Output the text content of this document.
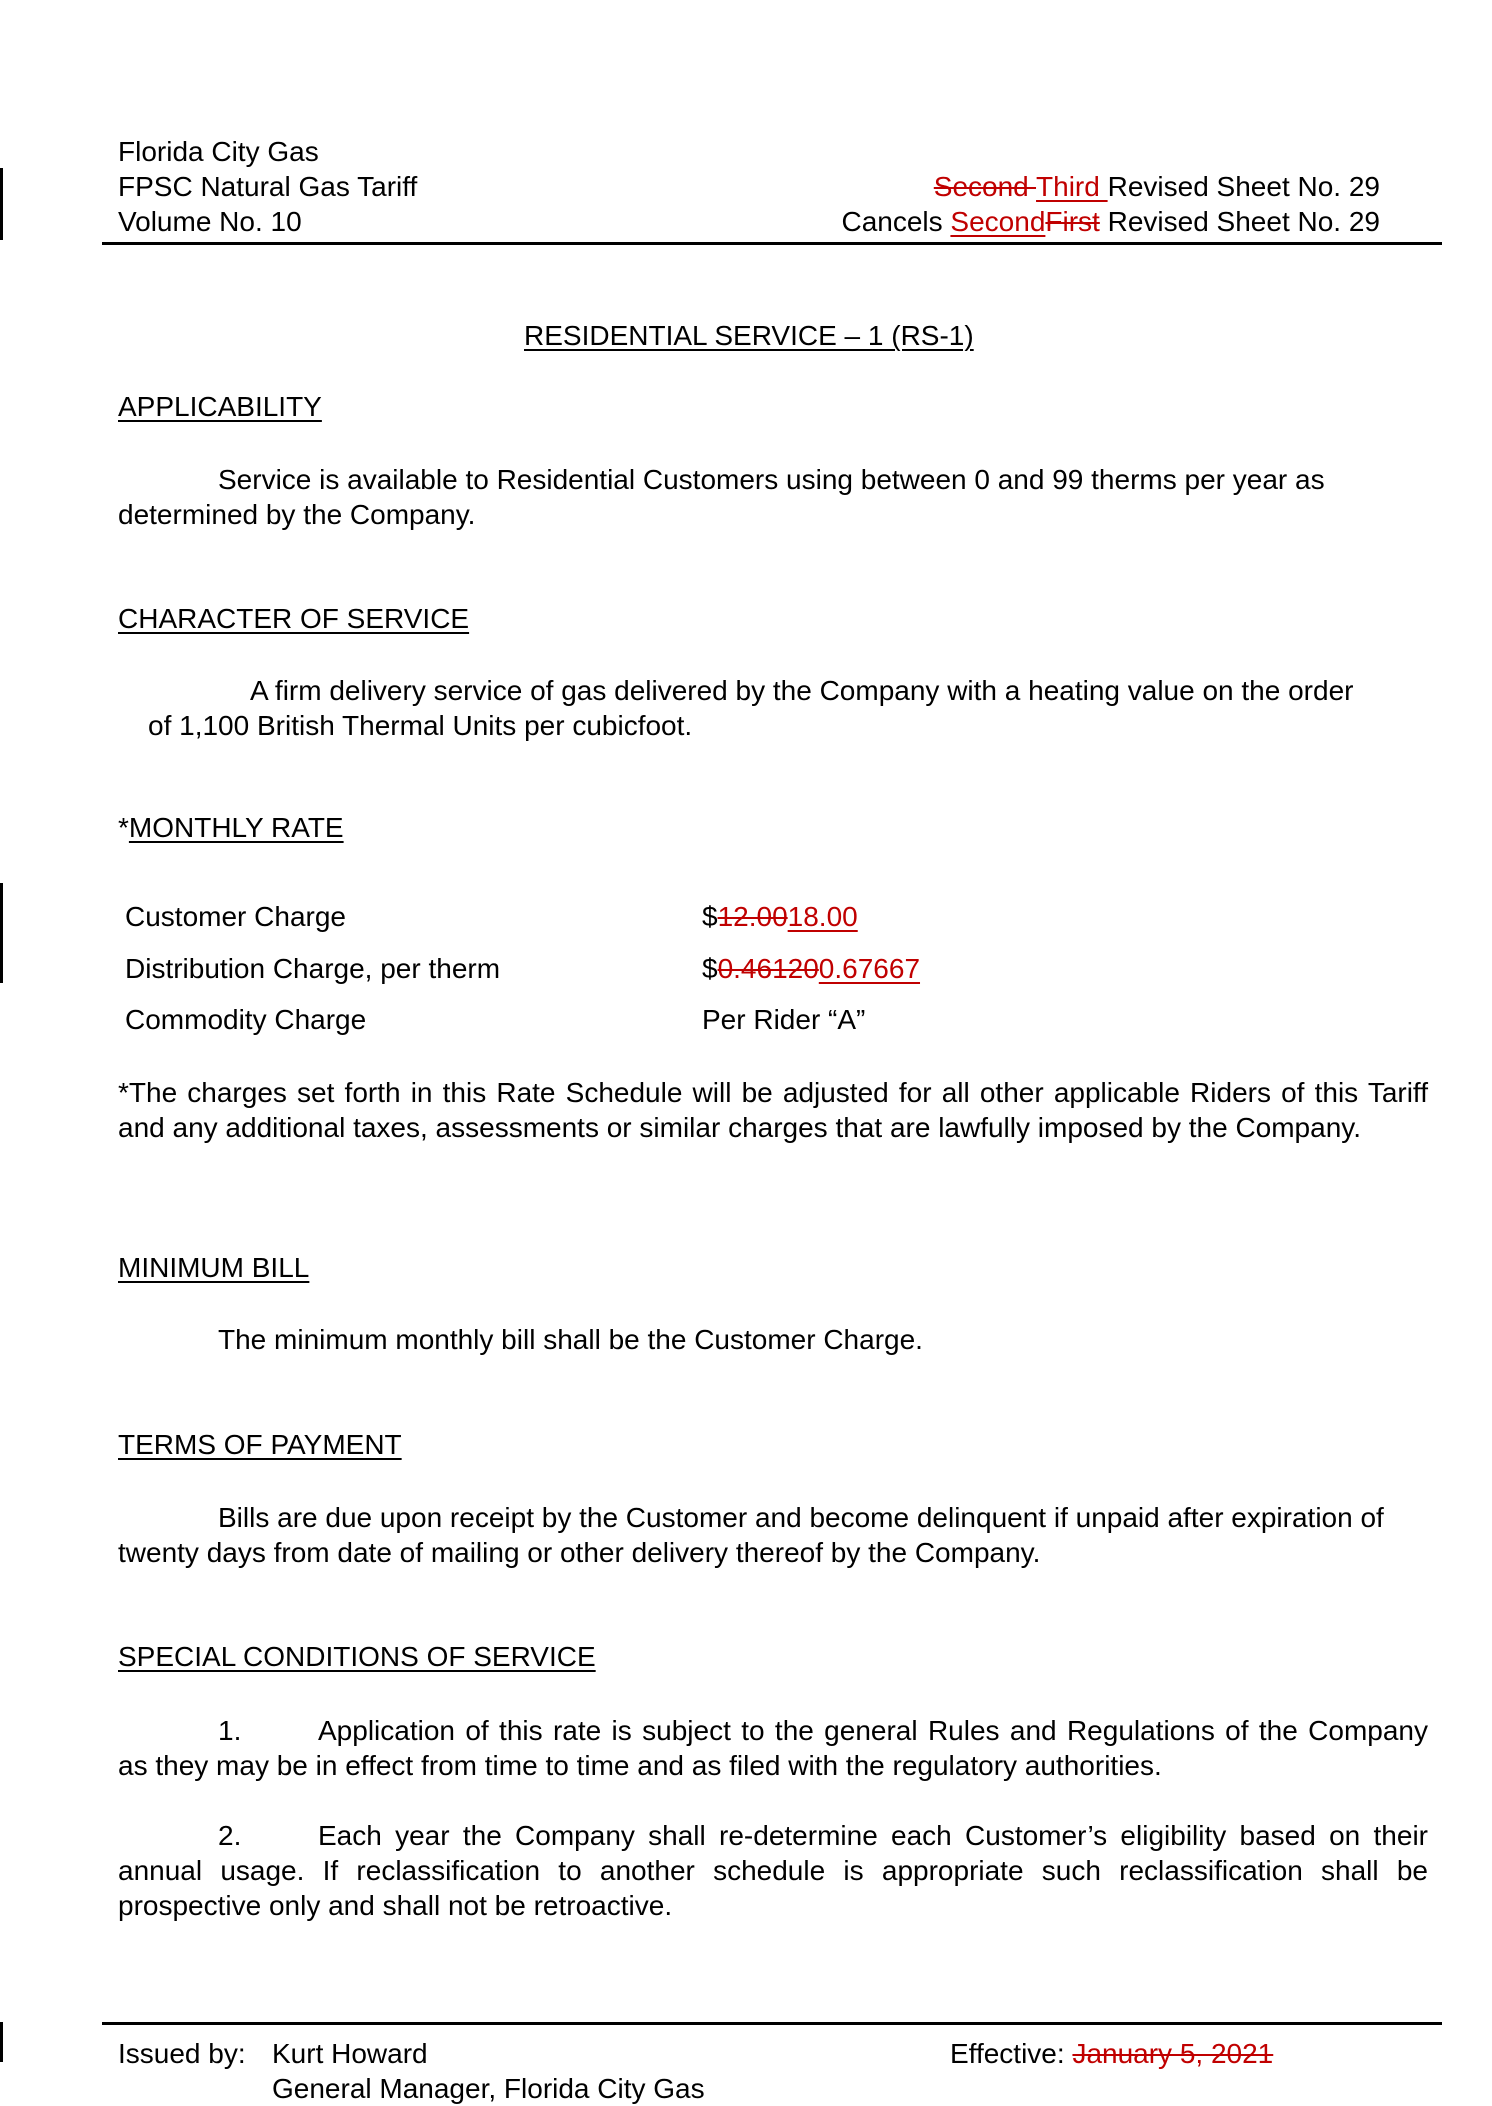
Florida City Gas
FPSC Natural Gas Tariff
Volume No. 10
Second Third Revised Sheet No. 29
Cancels SecondFirst Revised Sheet No. 29
RESIDENTIAL SERVICE – 1 (RS-1)
APPLICABILITY
Service is available to Residential Customers using between 0 and 99 therms per year as determined by the Company.
CHARACTER OF SERVICE
A firm delivery service of gas delivered by the Company with a heating value on the order of 1,100 British Thermal Units per cubicfoot.
*MONTHLY RATE
Customer Charge	$12.0018.00
Distribution Charge, per therm	$0.461200.67667
Commodity Charge	Per Rider “A”
*The charges set forth in this Rate Schedule will be adjusted for all other applicable Riders of this Tariff and any additional taxes, assessments or similar charges that are lawfully imposed by the Company.
MINIMUM BILL
The minimum monthly bill shall be the Customer Charge.
TERMS OF PAYMENT
Bills are due upon receipt by the Customer and become delinquent if unpaid after expiration of twenty days from date of mailing or other delivery thereof by the Company.
SPECIAL CONDITIONS OF SERVICE
1.	Application of this rate is subject to the general Rules and Regulations of the Company as they may be in effect from time to time and as filed with the regulatory authorities.
2.	Each year the Company shall re-determine each Customer’s eligibility based on their annual usage. If reclassification to another schedule is appropriate such reclassification shall be prospective only and shall not be retroactive.
Issued by: Kurt Howard
General Manager, Florida City Gas
Effective: January 5, 2021
